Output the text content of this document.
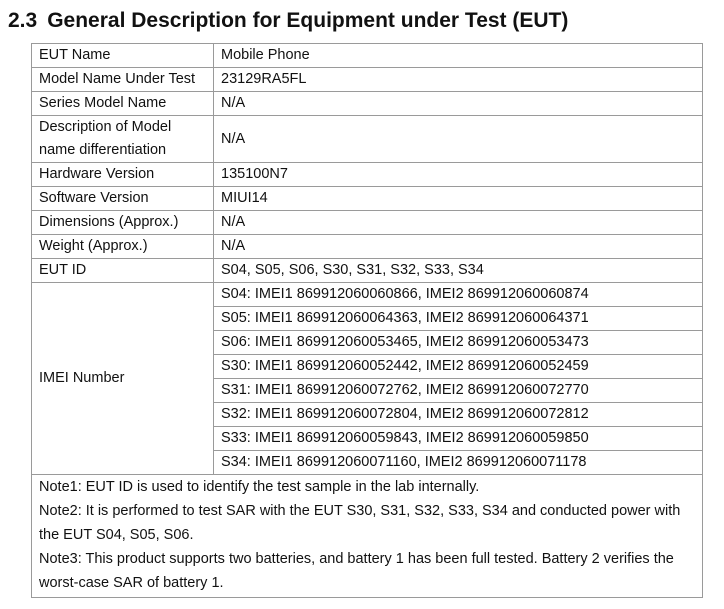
2.3 General Description for Equipment under Test (EUT)
EUT Name	Mobile Phone
Model Name Under Test	23129RA5FL
Series Model Name	N/A

Description of Model
name differentiation	N/A
Hardware Version	135100N7
Software Version	MIUI14
Dimensions (Approx.)	N/A
Weight (Approx.)	N/A
EUT ID	S04, S05, S06, S30, S31, S32, S33, S34
IMEI Number	S04: IMEI1 869912060060866, IMEI2 869912060060874
	S05: IMEI1 869912060064363, IMEI2 869912060064371
	S06: IMEI1 869912060053465, IMEI2 869912060053473
	S30: IMEI1 869912060052442, IMEI2 869912060052459
	S31: IMEI1 869912060072762, IMEI2 869912060072770
	S32: IMEI1 869912060072804, IMEI2 869912060072812
	S33: IMEI1 869912060059843, IMEI2 869912060059850
	S34: IMEI1 869912060071160, IMEI2 869912060071178

Note1: EUT ID is used to identify the test sample in the lab internally.
Note2: It is performed to test SAR with the EUT S30, S31, S32, S33, S34 and conducted power with the EUT S04, S05, S06.
Note3: This product supports two batteries, and battery 1 has been full tested. Battery 2 verifies the worst-case SAR of battery 1.	
